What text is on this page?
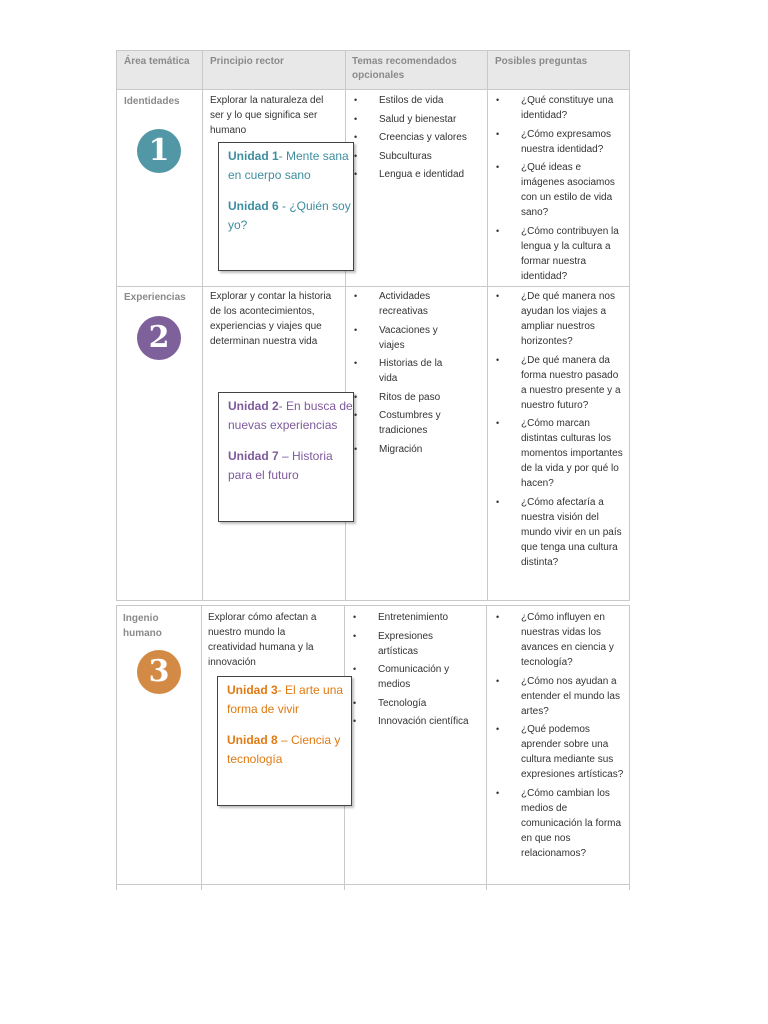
Área temática	Principio rector	Temas recomendados opcionales
Posibles preguntas
Identidades
1
Explorar la naturaleza del ser y lo que significa ser humano

Unidad 1- Mente sana en cuerpo sano

Unidad 6 - ¿Quién soy yo?

• Estilos de vida
• Salud y bienestar
• Creencias y valores
• Subculturas
• Lengua e identidad
• ¿Qué constituye una identidad?
• ¿Cómo expresamos nuestra identidad?
• ¿Qué ideas e imágenes asociamos con un estilo de vida sano?
• ¿Cómo contribuyen la lengua y la cultura a formar nuestra identidad?
Experiencias
2
Explorar y contar la historia de los acontecimientos, experiencias y viajes que determinan nuestra vida

Unidad 2- En busca de nuevas experiencias

Unidad 7 – Historia para el futuro

• Actividades recreativas
• Vacaciones y viajes
• Historias de la vida
• Ritos de paso
• Costumbres y tradiciones
• Migración
• ¿De qué manera nos ayudan los viajes a ampliar nuestros horizontes?
• ¿De qué manera da forma nuestro pasado a nuestro presente y a nuestro futuro?
• ¿Cómo marcan distintas culturas los momentos importantes de la vida y por qué lo hacen?
• ¿Cómo afectaría a nuestra visión del mundo vivir en un país que tenga una cultura distinta?
Ingenio humano
3
Explorar cómo afectan a nuestro mundo la creatividad humana y la innovación

Unidad 3- El arte una forma de vivir

Unidad 8 – Ciencia y tecnología

• Entretenimiento
• Expresiones artísticas
• Comunicación y medios
• Tecnología
• Innovación científica
• ¿Cómo influyen en nuestras vidas los avances en ciencia y tecnología?
• ¿Cómo nos ayudan a entender el mundo las artes?
• ¿Qué podemos aprender sobre una cultura mediante sus expresiones artísticas?
• ¿Cómo cambian los medios de comunicación la forma en que nos relacionamos?
